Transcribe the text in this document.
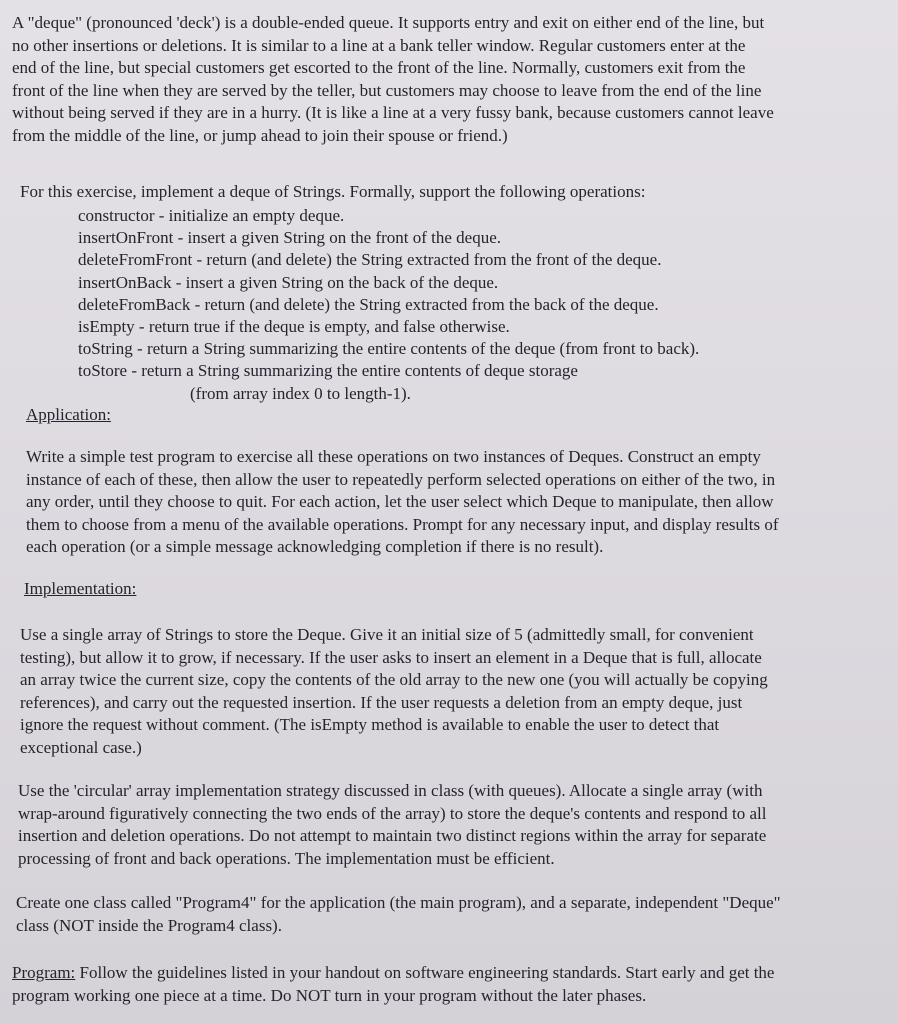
A "deque" (pronounced 'deck') is a double-ended queue. It supports entry and exit on either end of the line, but

no other insertions or deletions. It is similar to a line at a bank teller window. Regular customers enter at the

end of the line, but special customers get escorted to the front of the line. Normally, customers exit from the

front of the line when they are served by the teller, but customers may choose to leave from the end of the line

without being served if they are in a hurry. (It is like a line at a very fussy bank, because customers cannot leave

from the middle of the line, or jump ahead to join their spouse or friend.)

For this exercise, implement a deque of Strings. Formally, support the following operations:

constructor - initialize an empty deque.

insertOnFront - insert a given String on the front of the deque.

deleteFromFront - return (and delete) the String extracted from the front of the deque.

insertOnBack - insert a given String on the back of the deque.

deleteFromBack - return (and delete) the String extracted from the back of the deque.

isEmpty - return true if the deque is empty, and false otherwise.

toString - return a String summarizing the entire contents of the deque (from front to back).

toStore - return a String summarizing the entire contents of deque storage

(from array index 0 to length-1).

Application:

Write a simple test program to exercise all these operations on two instances of Deques. Construct an empty

instance of each of these, then allow the user to repeatedly perform selected operations on either of the two, in

any order, until they choose to quit. For each action, let the user select which Deque to manipulate, then allow

them to choose from a menu of the available operations. Prompt for any necessary input, and display results of

each operation (or a simple message acknowledging completion if there is no result).

Implementation:

Use a single array of Strings to store the Deque. Give it an initial size of 5 (admittedly small, for convenient

testing), but allow it to grow, if necessary. If the user asks to insert an element in a Deque that is full, allocate

an array twice the current size, copy the contents of the old array to the new one (you will actually be copying

references), and carry out the requested insertion. If the user requests a deletion from an empty deque, just

ignore the request without comment. (The isEmpty method is available to enable the user to detect that

exceptional case.)

Use the 'circular' array implementation strategy discussed in class (with queues). Allocate a single array (with

wrap-around figuratively connecting the two ends of the array) to store the deque's contents and respond to all

insertion and deletion operations. Do not attempt to maintain two distinct regions within the array for separate

processing of front and back operations. The implementation must be efficient.

Create one class called "Program4" for the application (the main program), and a separate, independent "Deque"

class (NOT inside the Program4 class).

Program: Follow the guidelines listed in your handout on software engineering standards. Start early and get the

program working one piece at a time. Do NOT turn in your program without the later phases.
